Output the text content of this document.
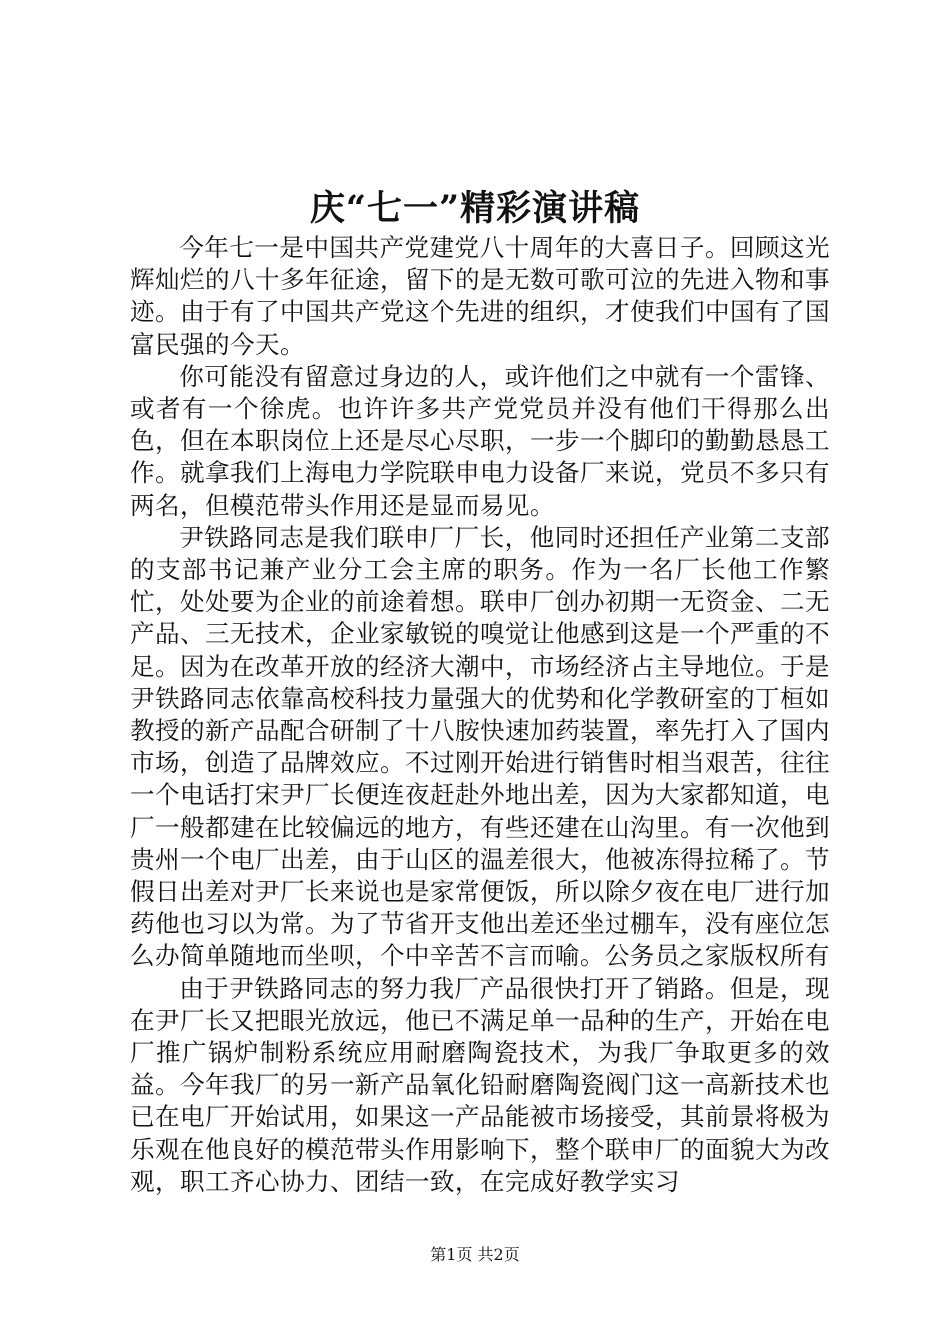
庆“七一”精彩演讲稿

今年七一是中国共产党建党八十周年的大喜日子。回顾这光辉灿烂的八十多年征途，留下的是无数可歌可泣的先进入物和事迹。由于有了中国共产党这个先进的组织，才使我们中国有了国富民强的今天。

你可能没有留意过身边的人，或许他们之中就有一个雷锋、或者有一个徐虎。也许许多共产党党员并没有他们干得那么出色，但在本职岗位上还是尽心尽职，一步一个脚印的勤勤恳恳工作。就拿我们上海电力学院联申电力设备厂来说，党员不多只有两名，但模范带头作用还是显而易见。

尹铁路同志是我们联申厂厂长，他同时还担任产业第二支部的支部书记兼产业分工会主席的职务。作为一名厂长他工作繁忙，处处要为企业的前途着想。联申厂创办初期一无资金、二无产品、三无技术，企业家敏锐的嗅觉让他感到这是一个严重的不足。因为在改革开放的经济大潮中，市场经济占主导地位。于是尹铁路同志依靠高校科技力量强大的优势和化学教研室的丁桓如教授的新产品配合研制了十八胺快速加药装置，率先打入了国内市场，创造了品牌效应。不过刚开始进行销售时相当艰苦，往往一个电话打宋尹厂长便连夜赶赴外地出差，因为大家都知道，电厂一般都建在比较偏远的地方，有些还建在山沟里。有一次他到贵州一个电厂出差，由于山区的温差很大，他被冻得拉稀了。节假日出差对尹厂长来说也是家常便饭，所以除夕夜在电厂进行加药他也习以为常。为了节省开支他出差还坐过棚车，没有座位怎么办简单随地而坐呗，个中辛苦不言而喻。公务员之家版权所有

由于尹铁路同志的努力我厂产品很快打开了销路。但是，现在尹厂长又把眼光放远，他已不满足单一品种的生产，开始在电厂推广锅炉制粉系统应用耐磨陶瓷技术，为我厂争取更多的效益。今年我厂的另一新产品氧化铅耐磨陶瓷阀门这一高新技术也已在电厂开始试用，如果这一产品能被市场接受，其前景将极为乐观在他良好的模范带头作用影响下，整个联申厂的面貌大为改观，职工齐心协力、团结一致，在完成好教学实习

第1页 共2页
